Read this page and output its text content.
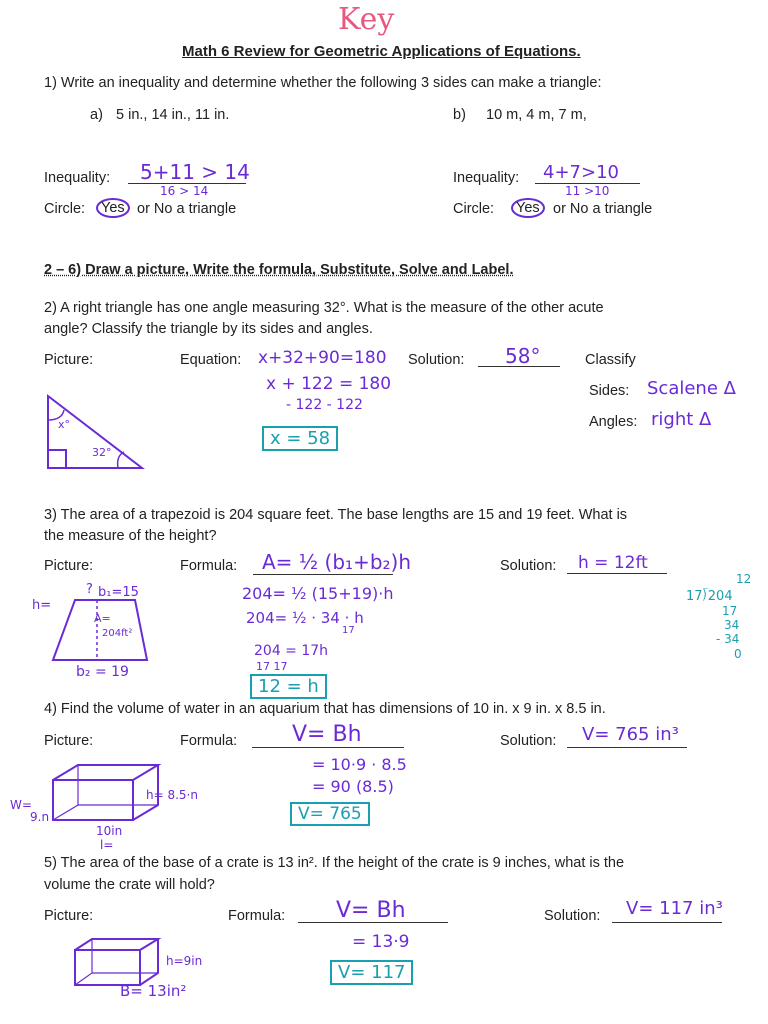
Key
Math 6 Review for Geometric Applications of Equations.
1) Write an inequality and determine whether the following 3 sides can make a triangle:
a) 5 in., 14 in., 11 in.	b) 10 m, 4 m, 7 m,
Inequality: 5+11 > 14
16 > 14
Inequality: 4+7>10
11 >10
Circle:	Yes or No a triangle	Circle:	Yes or No a triangle
2 – 6) Draw a picture, Write the formula, Substitute, Solve and Label.
2) A right triangle has one angle measuring 32°. What is the measure of the other acute
angle? Classify the triangle by its sides and angles.
Picture:	Equation: x+32+90=180
x + 122 = 180
- 122 - 122
x = 58
Solution: 58°	Classify
Sides: Scalene Δ
Angles: right Δ
x°
32°
3) The area of a trapezoid is 204 square feet. The base lengths are 15 and 19 feet. What is
the measure of the height?
Picture:	Formula: A= ½ (b₁+b₂)h
204= ½ (15+19)·h
204= ½ · 34 · h
17
204 = 17h
17 17
12 = h
Solution: h = 12ft
12
17⟌204
17
34
- 34
0
h=
? b₁=15
A=
204ft²
b₂ = 19
4) Find the volume of water in an aquarium that has dimensions of 10 in. x 9 in. x 8.5 in.
Picture:	Formula: V= Bh
= 10·9 · 8.5
= 90 (8.5)
V= 765
Solution: V= 765 in³
W=
9.n
h= 8.5·n
10in
l=
5) The area of the base of a crate is 13 in². If the height of the crate is 9 inches, what is the
volume the crate will hold?
Picture:	Formula: V= Bh
= 13·9
V= 117
Solution: V= 117 in³
h=9in
B= 13in²
